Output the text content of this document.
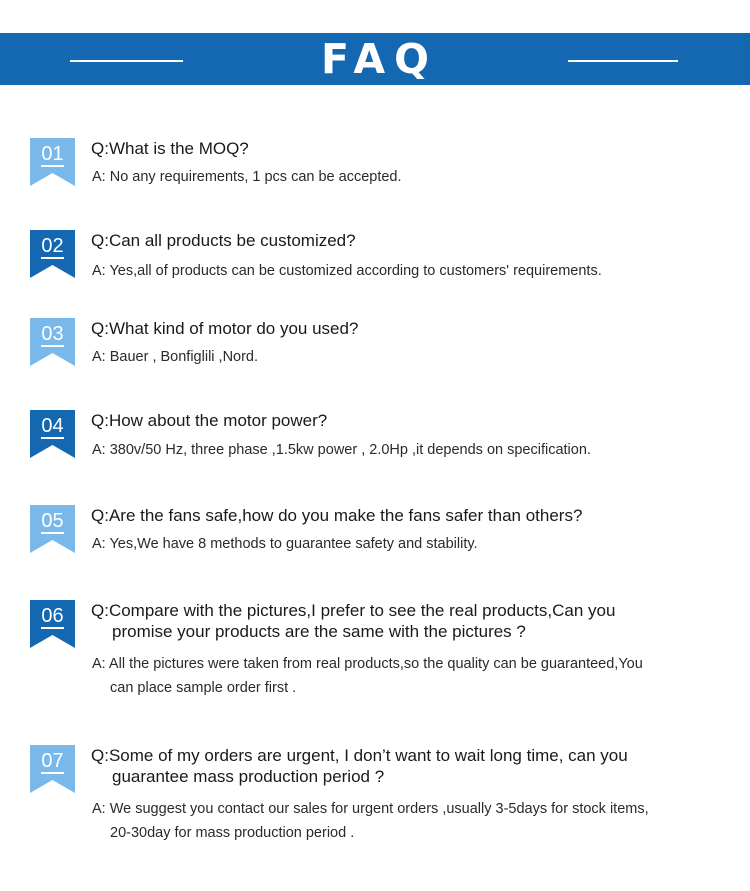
FAQ
01	Q:What is the MOQ?
A: No any requirements, 1 pcs can be accepted.
02	Q:Can all products be customized?
A: Yes,all of products can be customized according to customers' requirements.
03	Q:What kind of motor do you used?
A: Bauer , Bonfiglili ,Nord.
04	Q:How about the motor power?
A: 380v/50 Hz, three phase ,1.5kw power , 2.0Hp ,it depends on specification.
05	Q:Are the fans safe,how do you make the fans safer than others?
A: Yes,We have 8 methods to guarantee safety and stability.
06	Q:Compare with the pictures,I prefer to see the real products,Can you
promise your products are the same with the pictures ?
A: All the pictures were taken from real products,so the quality can be guaranteed,You
can place sample order first .
07	Q:Some of my orders are urgent, I don’t want to wait long time, can you
guarantee mass production period ?
A: We suggest you contact our sales for urgent orders ,usually 3-5days for stock items,
20-30day for mass production period .
